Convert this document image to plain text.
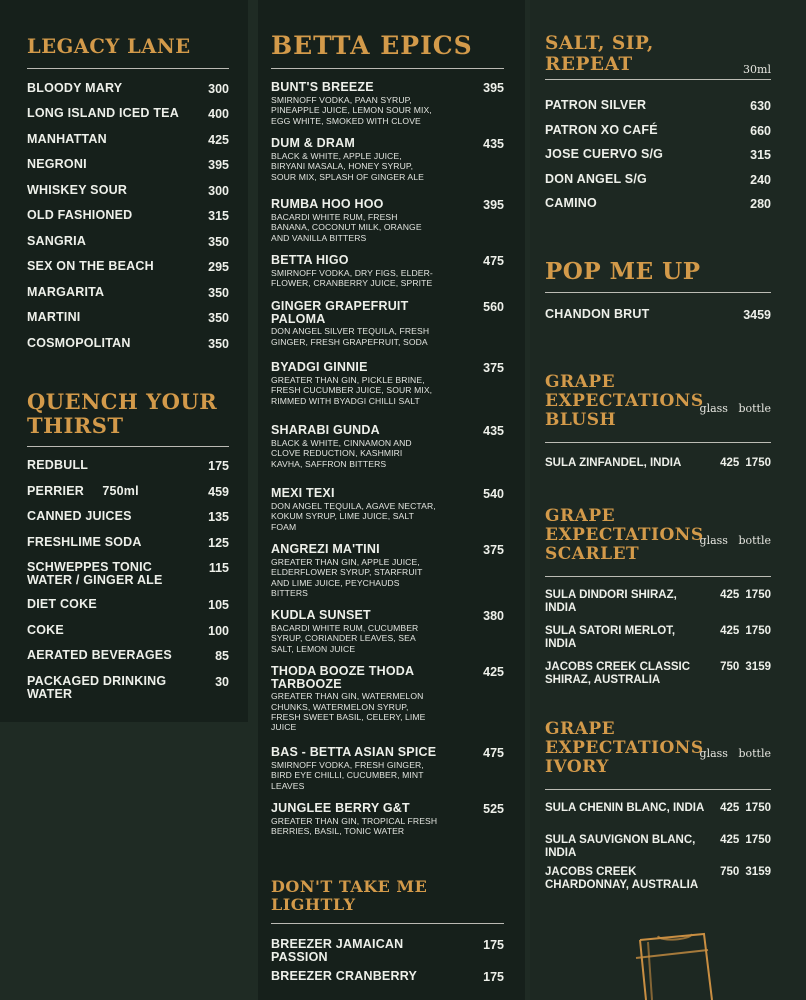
LEGACY LANE
BLOODY MARY	300
LONG ISLAND ICED TEA 400
MANHATTAN	425
NEGRONI	395
WHISKEY SOUR	300
OLD FASHIONED	315
SANGRIA	350
SEX ON THE BEACH	295
MARGARITA	350
MARTINI	350
COSMOPOLITAN	350
QUENCH YOUR
THIRST
REDBULL	175
PERRIER     750ml	459
CANNED JUICES	135
FRESHLIME SODA	125
SCHWEPPES TONIC WATER / GINGER ALE
115
DIET COKE	105
COKE	100
AERATED BEVERAGES	85
PACKAGED DRINKING WATER
30
BETTA EPICS
BUNT'S BREEZE	395
SMIRNOFF VODKA, PAAN SYRUP, PINEAPPLE JUICE, LEMON SOUR MIX, EGG WHITE, SMOKED WITH CLOVE
DUM & DRAM	435
BLACK & WHITE, APPLE JUICE, BIRYANI MASALA, HONEY SYRUP, SOUR MIX, SPLASH OF GINGER ALE
RUMBA HOO HOO	395
BACARDI WHITE RUM, FRESH BANANA, COCONUT MILK, ORANGE AND VANILLA BITTERS
BETTA HIGO	475
SMIRNOFF VODKA, DRY FIGS, ELDER-FLOWER, CRANBERRY JUICE, SPRITE
GINGER GRAPEFRUIT PALOMA
560
DON ANGEL SILVER TEQUILA, FRESH GINGER, FRESH GRAPEFRUIT, SODA
BYADGI GINNIE	375
GREATER THAN GIN, PICKLE BRINE, FRESH CUCUMBER JUICE, SOUR MIX, RIMMED WITH BYADGI CHILLI SALT
SHARABI GUNDA	435
BLACK & WHITE, CINNAMON AND CLOVE REDUCTION, KASHMIRI KAVHA, SAFFRON BITTERS
MEXI TEXI	540
DON ANGEL TEQUILA, AGAVE NECTAR, KOKUM SYRUP, LIME JUICE, SALT FOAM
ANGREZI MA'TINI	375
GREATER THAN GIN, APPLE JUICE, ELDERFLOWER SYRUP, STARFRUIT AND LIME JUICE, PEYCHAUDS BITTERS
KUDLA SUNSET	380
BACARDI WHITE RUM, CUCUMBER SYRUP, CORIANDER LEAVES, SEA SALT, LEMON JUICE
THODA BOOZE THODA TARBOOZE
425
GREATER THAN GIN, WATERMELON CHUNKS, WATERMELON SYRUP, FRESH SWEET BASIL, CELERY, LIME JUICE
BAS - BETTA ASIAN SPICE	475
SMIRNOFF VODKA, FRESH GINGER, BIRD EYE CHILLI, CUCUMBER, MINT LEAVES
JUNGLEE BERRY G&T	525
GREATER THAN GIN, TROPICAL FRESH BERRIES, BASIL, TONIC WATER
DON'T TAKE ME LIGHTLY
BREEZER JAMAICAN PASSION
175
BREEZER CRANBERRY	175
SALT, SIP,
REPEAT	30ml
PATRON SILVER	630
PATRON XO CAFÉ	660
JOSE CUERVO S/G	315
DON ANGEL S/G	240
CAMINO	280
POP ME UP
CHANDON BRUT	3459
GRAPE EXPECTATIONS
BLUSH
glass bottle
SULA ZINFANDEL, INDIA	425 1750
GRAPE EXPECTATIONS
SCARLET
glass bottle
SULA DINDORI SHIRAZ, INDIA
425 1750
SULA SATORI MERLOT, INDIA
425 1750
JACOBS CREEK CLASSIC SHIRAZ, AUSTRALIA
750 3159
GRAPE EXPECTATIONS
IVORY
glass bottle
SULA CHENIN BLANC, INDIA	425 1750
SULA SAUVIGNON BLANC, INDIA
425 1750
JACOBS CREEK CHARDONNAY, AUSTRALIA
750 3159
